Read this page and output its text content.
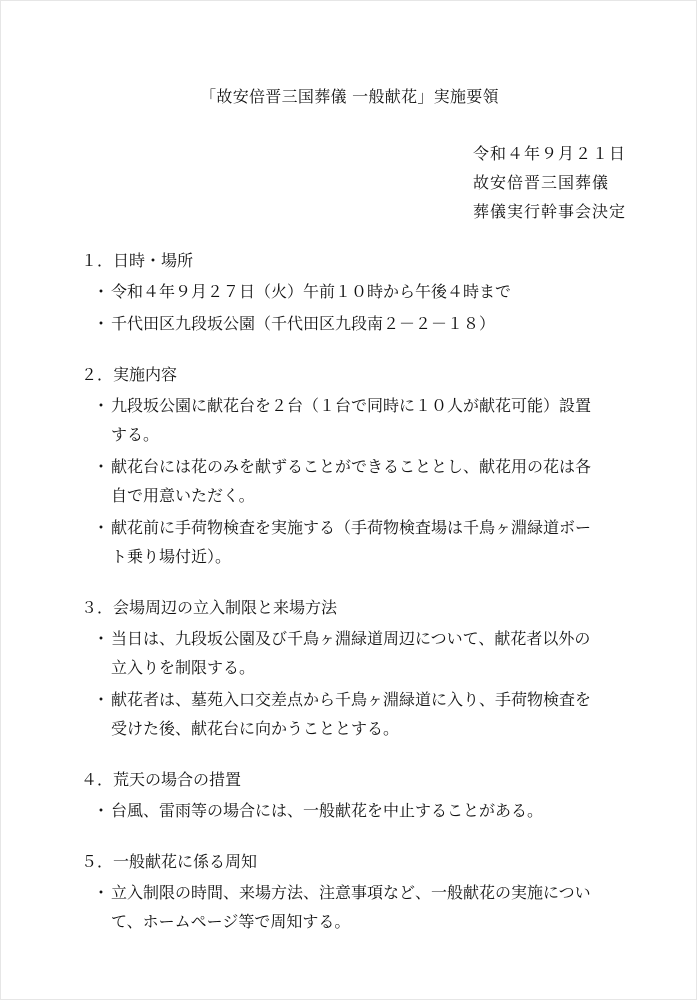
「故安倍晋三国葬儀 一般献花」実施要領
令和４年９月２１日
故安倍晋三国葬儀
葬儀実行幹事会決定
１．日時・場所
・ 令和４年９月２７日（火）午前１０時から午後４時まで
・ 千代田区九段坂公園（千代田区九段南２－２－１８）
２．実施内容
・ 九段坂公園に献花台を２台（１台で同時に１０人が献花可能）設置
する。
・ 献花台には花のみを献ずることができることとし、献花用の花は各
自で用意いただく。
・ 献花前に手荷物検査を実施する（手荷物検査場は千鳥ヶ淵緑道ボー
ト乗り場付近）。
３．会場周辺の立入制限と来場方法
・ 当日は、九段坂公園及び千鳥ヶ淵緑道周辺について、献花者以外の
立入りを制限する。
・ 献花者は、墓苑入口交差点から千鳥ヶ淵緑道に入り、手荷物検査を
受けた後、献花台に向かうこととする。
４．荒天の場合の措置
・ 台風、雷雨等の場合には、一般献花を中止することがある。
５．一般献花に係る周知
・ 立入制限の時間、来場方法、注意事項など、一般献花の実施につい
て、ホームページ等で周知する。
